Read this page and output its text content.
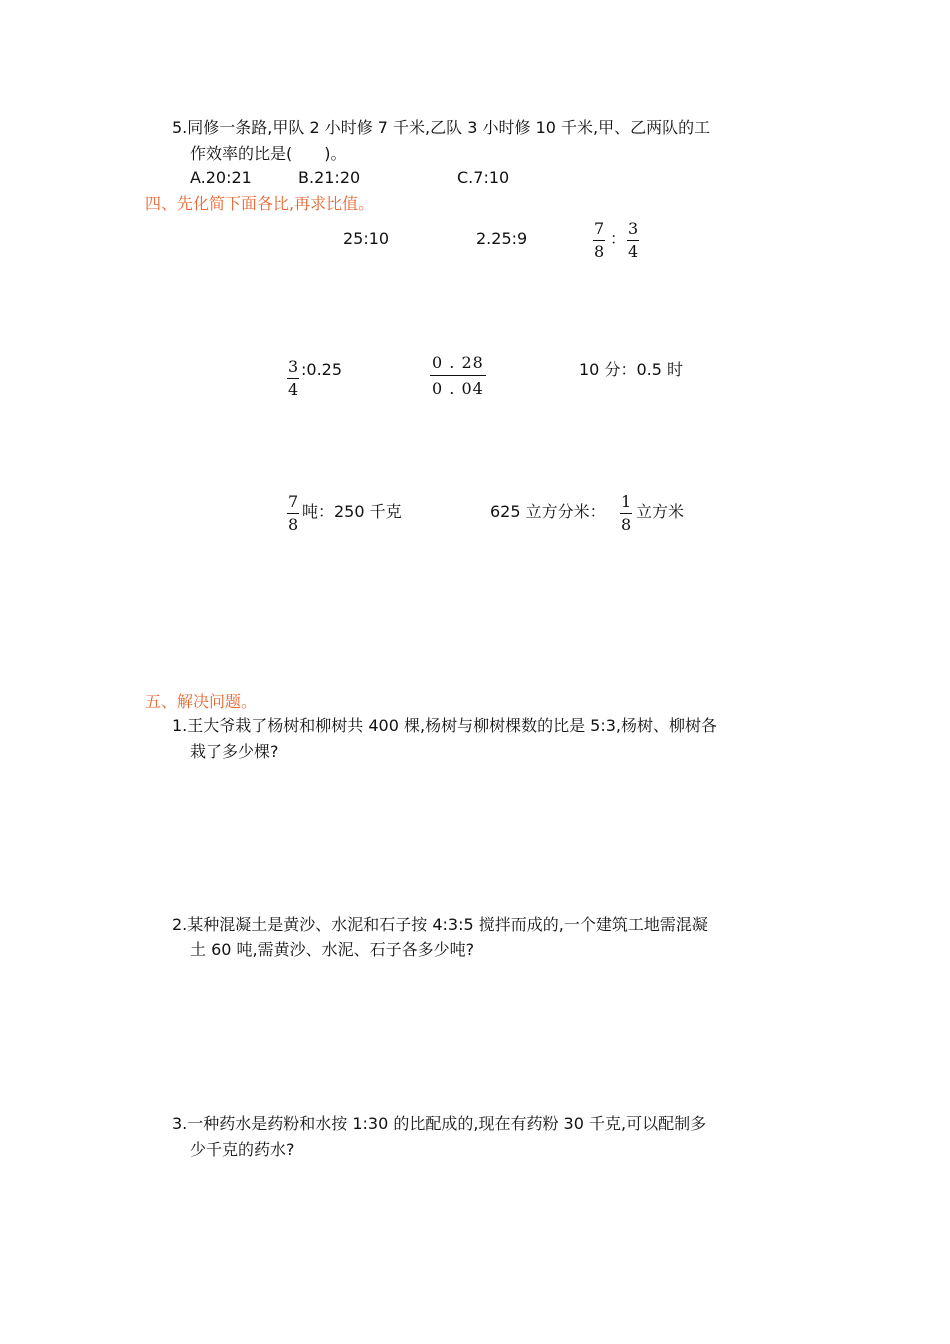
5.同修一条路,甲队 2 小时修 7 千米,乙队 3 小时修 10 千米,甲、乙两队的工
作效率的比是(　　)。
A.20:21	B.21:20	C.7:10
四、先化简下面各比,再求比值。
25:10	2.25:9	$\frac{7}{8}$ ： $\frac{3}{4}$
$\frac{3}{4}$ :0.25	$\frac{0 . 28}{0 . 04}$	10 分：0.5 时
$\frac{7}{8}$ 吨：250 千克	625 立方分米： $\frac{1}{8}$ 立方米
五、解决问题。
1.王大爷栽了杨树和柳树共 400 棵,杨树与柳树棵数的比是 5:3,杨树、柳树各
栽了多少棵?
2.某种混凝土是黄沙、水泥和石子按 4:3:5 搅拌而成的,一个建筑工地需混凝
土 60 吨,需黄沙、水泥、石子各多少吨?
3.一种药水是药粉和水按 1:30 的比配成的,现在有药粉 30 千克,可以配制多
少千克的药水?
